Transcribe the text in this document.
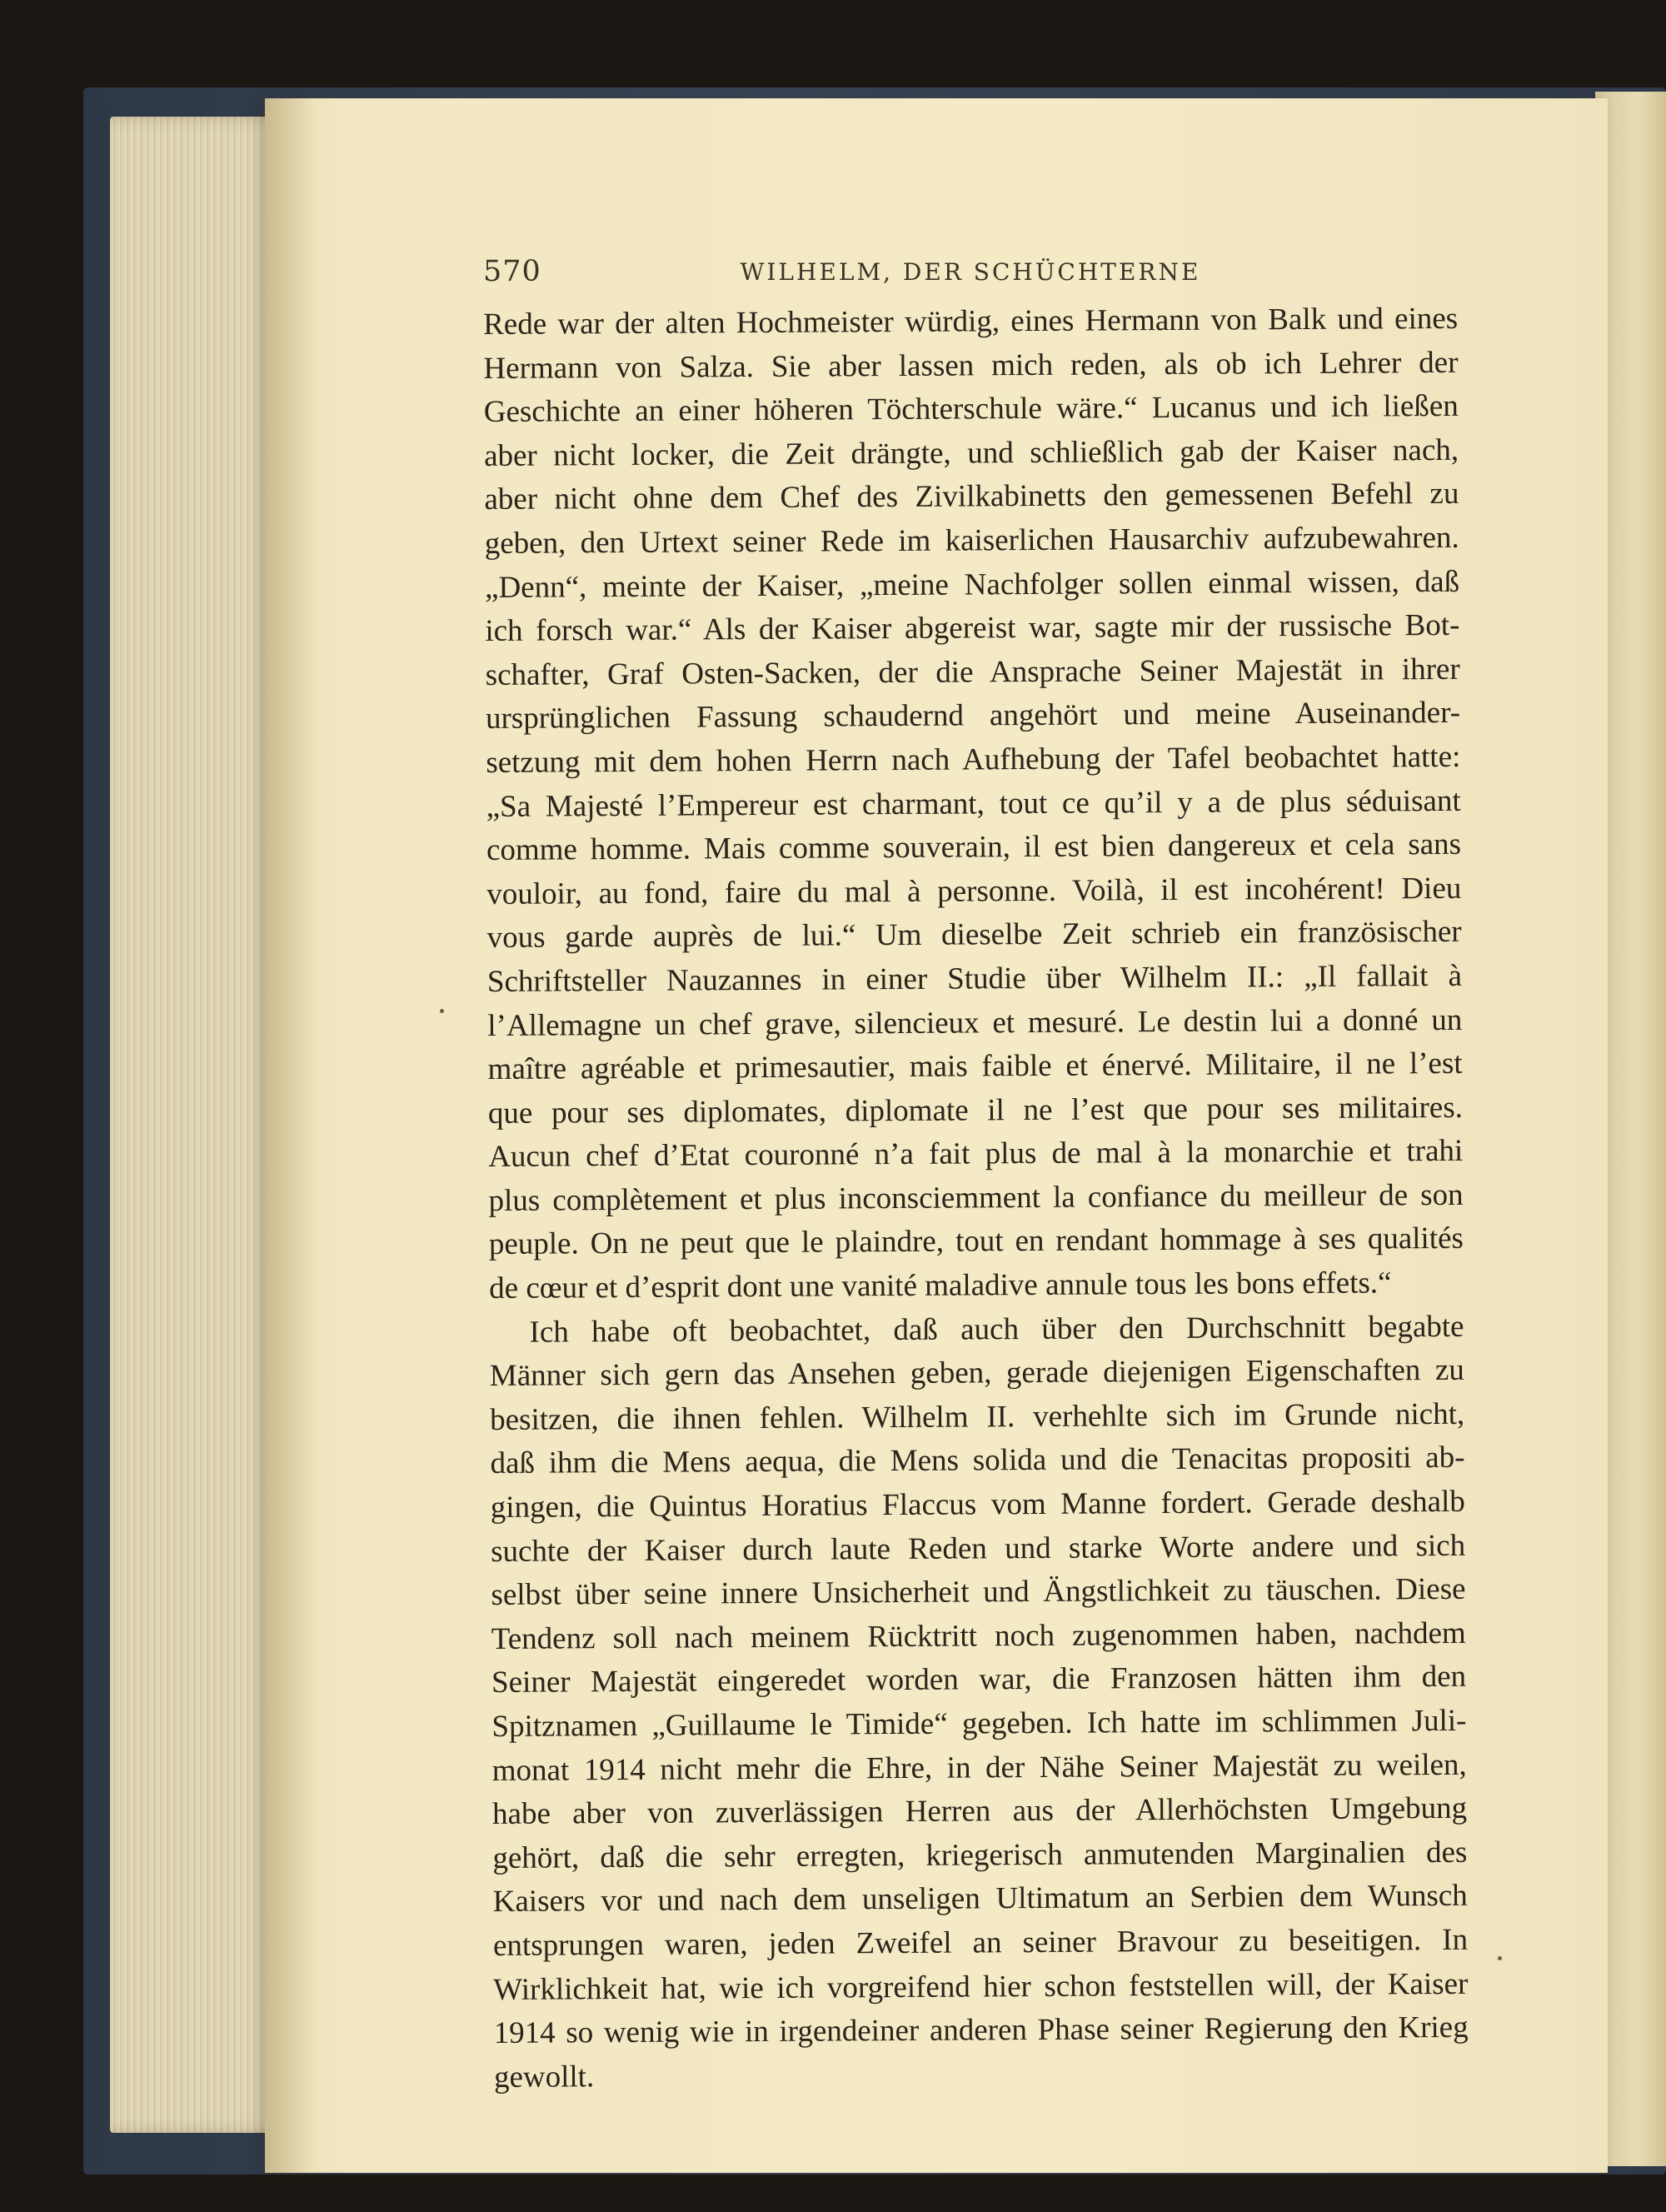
570	WILHELM, DER SCHÜCHTERNE
Rede war der alten Hochmeister würdig, eines Hermann von Balk und eines
Hermann von Salza. Sie aber lassen mich reden, als ob ich Lehrer der
Geschichte an einer höheren Töchterschule wäre.“ Lucanus und ich ließen
aber nicht locker, die Zeit drängte, und schließlich gab der Kaiser nach,
aber nicht ohne dem Chef des Zivilkabinetts den gemessenen Befehl zu
geben, den Urtext seiner Rede im kaiserlichen Hausarchiv aufzubewahren.
„Denn“, meinte der Kaiser, „meine Nachfolger sollen einmal wissen, daß
ich forsch war.“ Als der Kaiser abgereist war, sagte mir der russische Bot-
schafter, Graf Osten-Sacken, der die Ansprache Seiner Majestät in ihrer
ursprünglichen Fassung schaudernd angehört und meine Auseinander-
setzung mit dem hohen Herrn nach Aufhebung der Tafel beobachtet hatte:
„Sa Majesté l’Empereur est charmant, tout ce qu’il y a de plus séduisant
comme homme. Mais comme souverain, il est bien dangereux et cela sans
vouloir, au fond, faire du mal à personne. Voilà, il est incohérent! Dieu
vous garde auprès de lui.“ Um dieselbe Zeit schrieb ein französischer
Schriftsteller Nauzannes in einer Studie über Wilhelm II.: „Il fallait à
l’Allemagne un chef grave, silencieux et mesuré. Le destin lui a donné un
maître agréable et primesautier, mais faible et énervé. Militaire, il ne l’est
que pour ses diplomates, diplomate il ne l’est que pour ses militaires.
Aucun chef d’Etat couronné n’a fait plus de mal à la monarchie et trahi
plus complètement et plus inconsciemment la confiance du meilleur de son
peuple. On ne peut que le plaindre, tout en rendant hommage à ses qualités
de cœur et d’esprit dont une vanité maladive annule tous les bons effets.“
Ich habe oft beobachtet, daß auch über den Durchschnitt begabte
Männer sich gern das Ansehen geben, gerade diejenigen Eigenschaften zu
besitzen, die ihnen fehlen. Wilhelm II. verhehlte sich im Grunde nicht,
daß ihm die Mens aequa, die Mens solida und die Tenacitas propositi ab-
gingen, die Quintus Horatius Flaccus vom Manne fordert. Gerade deshalb
suchte der Kaiser durch laute Reden und starke Worte andere und sich
selbst über seine innere Unsicherheit und Ängstlichkeit zu täuschen. Diese
Tendenz soll nach meinem Rücktritt noch zugenommen haben, nachdem
Seiner Majestät eingeredet worden war, die Franzosen hätten ihm den
Spitznamen „Guillaume le Timide“ gegeben. Ich hatte im schlimmen Juli-
monat 1914 nicht mehr die Ehre, in der Nähe Seiner Majestät zu weilen,
habe aber von zuverlässigen Herren aus der Allerhöchsten Umgebung
gehört, daß die sehr erregten, kriegerisch anmutenden Marginalien des
Kaisers vor und nach dem unseligen Ultimatum an Serbien dem Wunsch
entsprungen waren, jeden Zweifel an seiner Bravour zu beseitigen. In
Wirklichkeit hat, wie ich vorgreifend hier schon feststellen will, der Kaiser
1914 so wenig wie in irgendeiner anderen Phase seiner Regierung den Krieg
gewollt.
